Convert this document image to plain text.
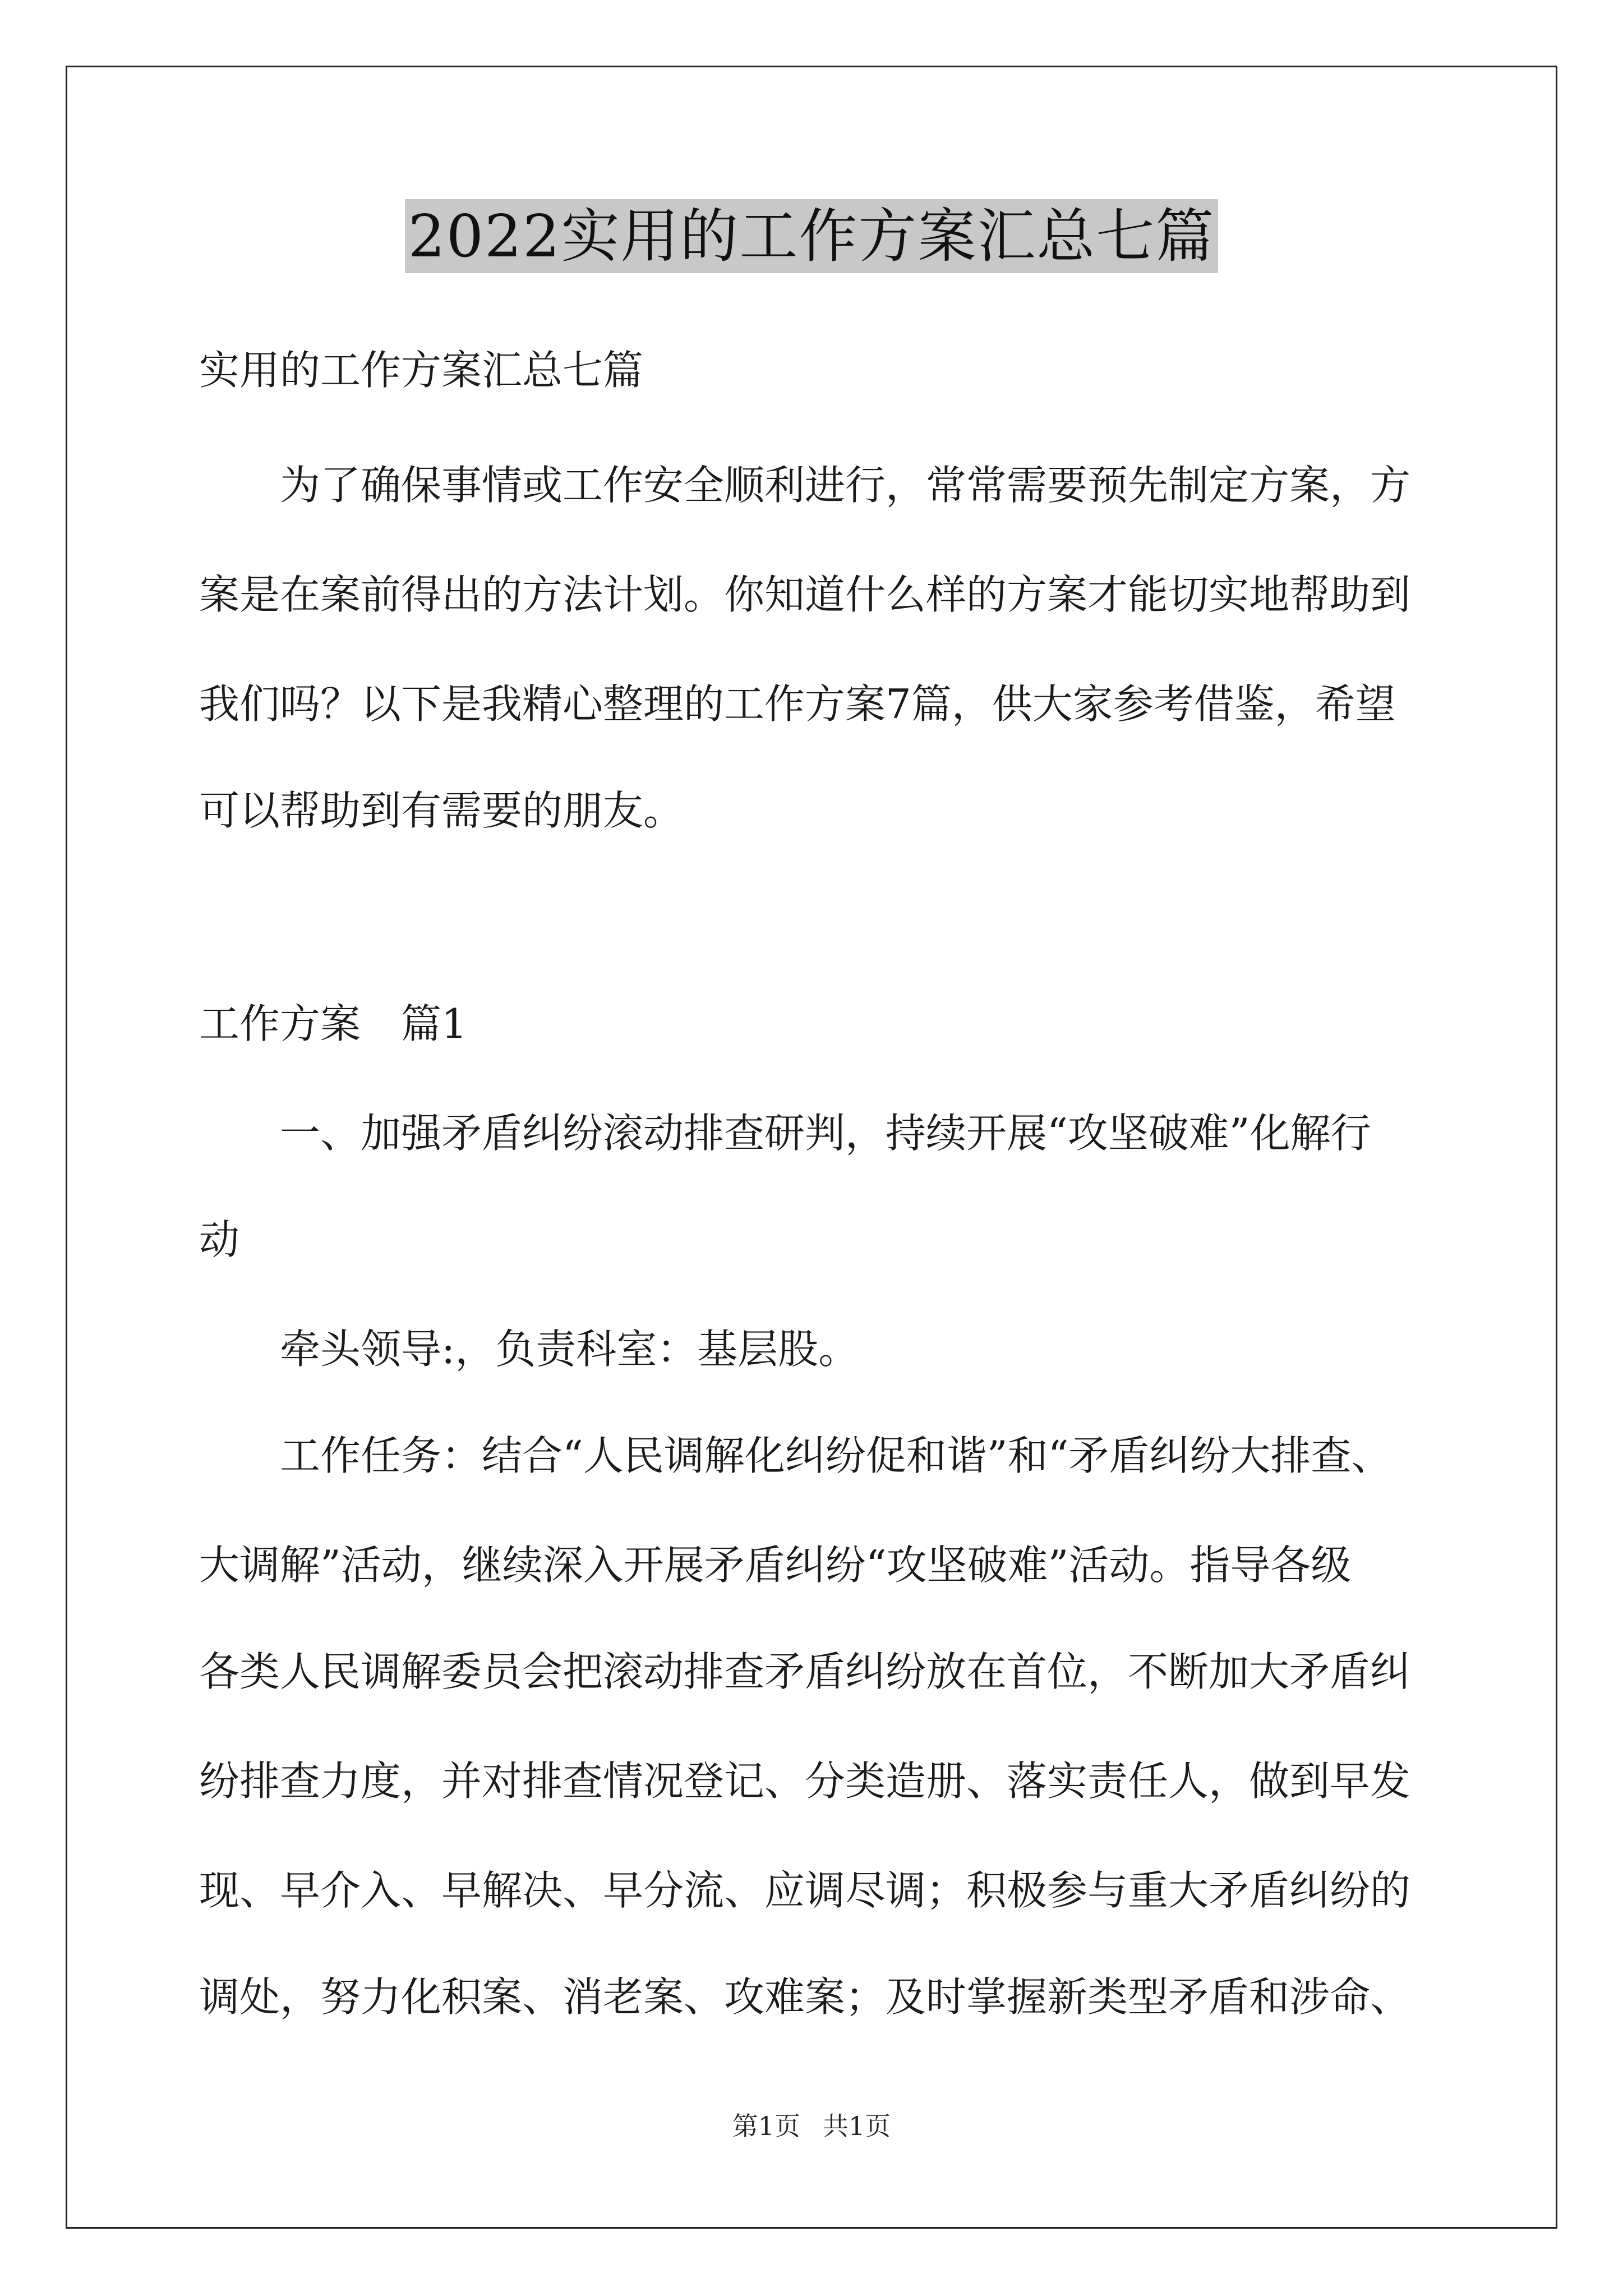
2022实用的工作方案汇总七篇
实用的工作方案汇总七篇
　　为了确保事情或工作安全顺利进行，常常需要预先制定方案，方
案是在案前得出的方法计划。你知道什么样的方案才能切实地帮助到
我们吗？以下是我精心整理的工作方案7篇，供大家参考借鉴，希望
可以帮助到有需要的朋友。
工作方案　篇1
　　一、加强矛盾纠纷滚动排查研判，持续开展“攻坚破难”化解行
动
　　牵头领导:，负责科室：基层股。
　　工作任务：结合“人民调解化纠纷促和谐”和“矛盾纠纷大排查、
大调解”活动，继续深入开展矛盾纠纷“攻坚破难”活动。指导各级
各类人民调解委员会把滚动排查矛盾纠纷放在首位，不断加大矛盾纠
纷排查力度，并对排查情况登记、分类造册、落实责任人，做到早发
现、早介入、早解决、早分流、应调尽调；积极参与重大矛盾纠纷的
调处，努力化积案、消老案、攻难案；及时掌握新类型矛盾和涉命、
第1页 共1页
